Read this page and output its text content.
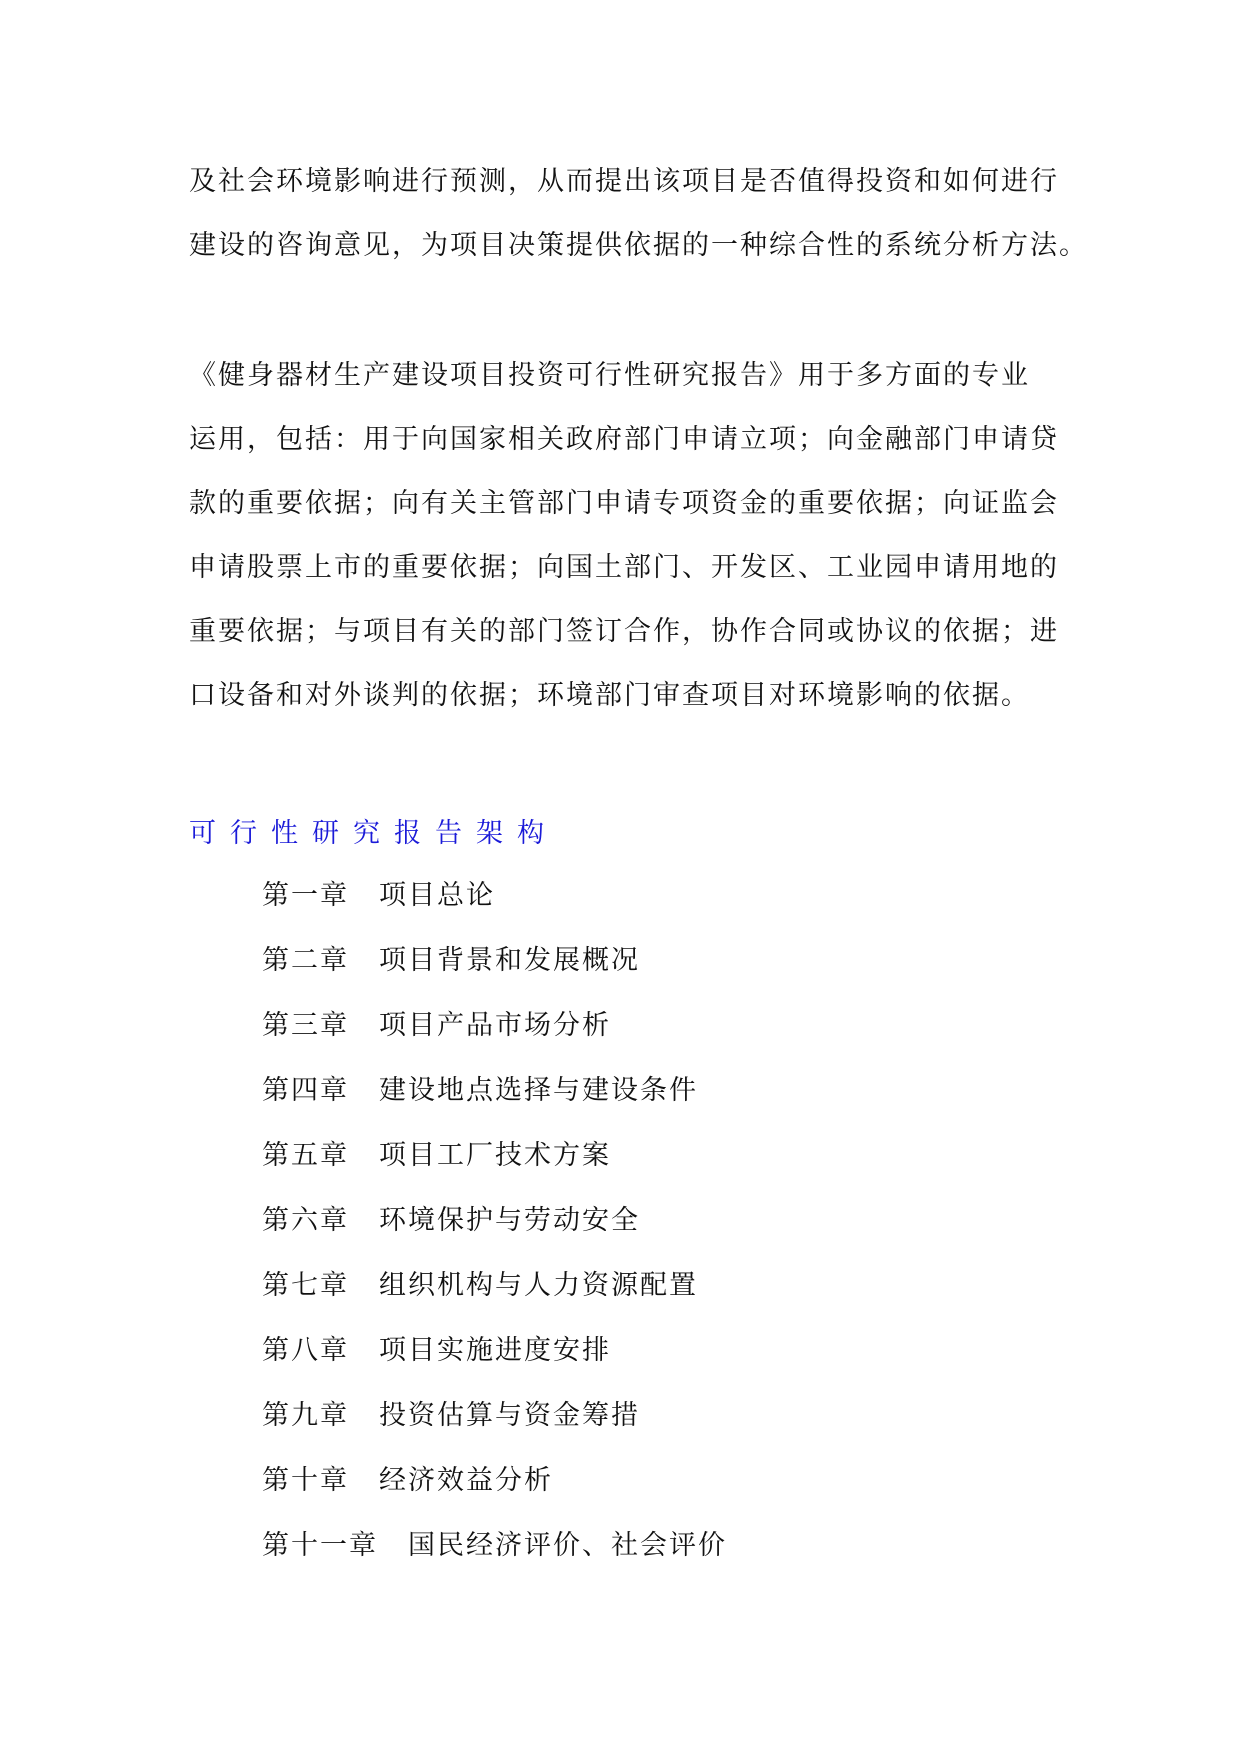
及社会环境影响进行预测，从而提出该项目是否值得投资和如何进行
建设的咨询意见，为项目决策提供依据的一种综合性的系统分析方法。

《健身器材生产建设项目投资可行性研究报告》用于多方面的专业
运用，包括：用于向国家相关政府部门申请立项；向金融部门申请贷
款的重要依据；向有关主管部门申请专项资金的重要依据；向证监会
申请股票上市的重要依据；向国土部门、开发区、工业园申请用地的
重要依据；与项目有关的部门签订合作，协作合同或协议的依据；进
口设备和对外谈判的依据；环境部门审查项目对环境影响的依据。

可行性研究报告架构
第一章 项目总论
第二章 项目背景和发展概况
第三章 项目产品市场分析
第四章 建设地点选择与建设条件
第五章 项目工厂技术方案
第六章 环境保护与劳动安全
第七章 组织机构与人力资源配置
第八章 项目实施进度安排
第九章 投资估算与资金筹措
第十章 经济效益分析
第十一章 国民经济评价、社会评价
